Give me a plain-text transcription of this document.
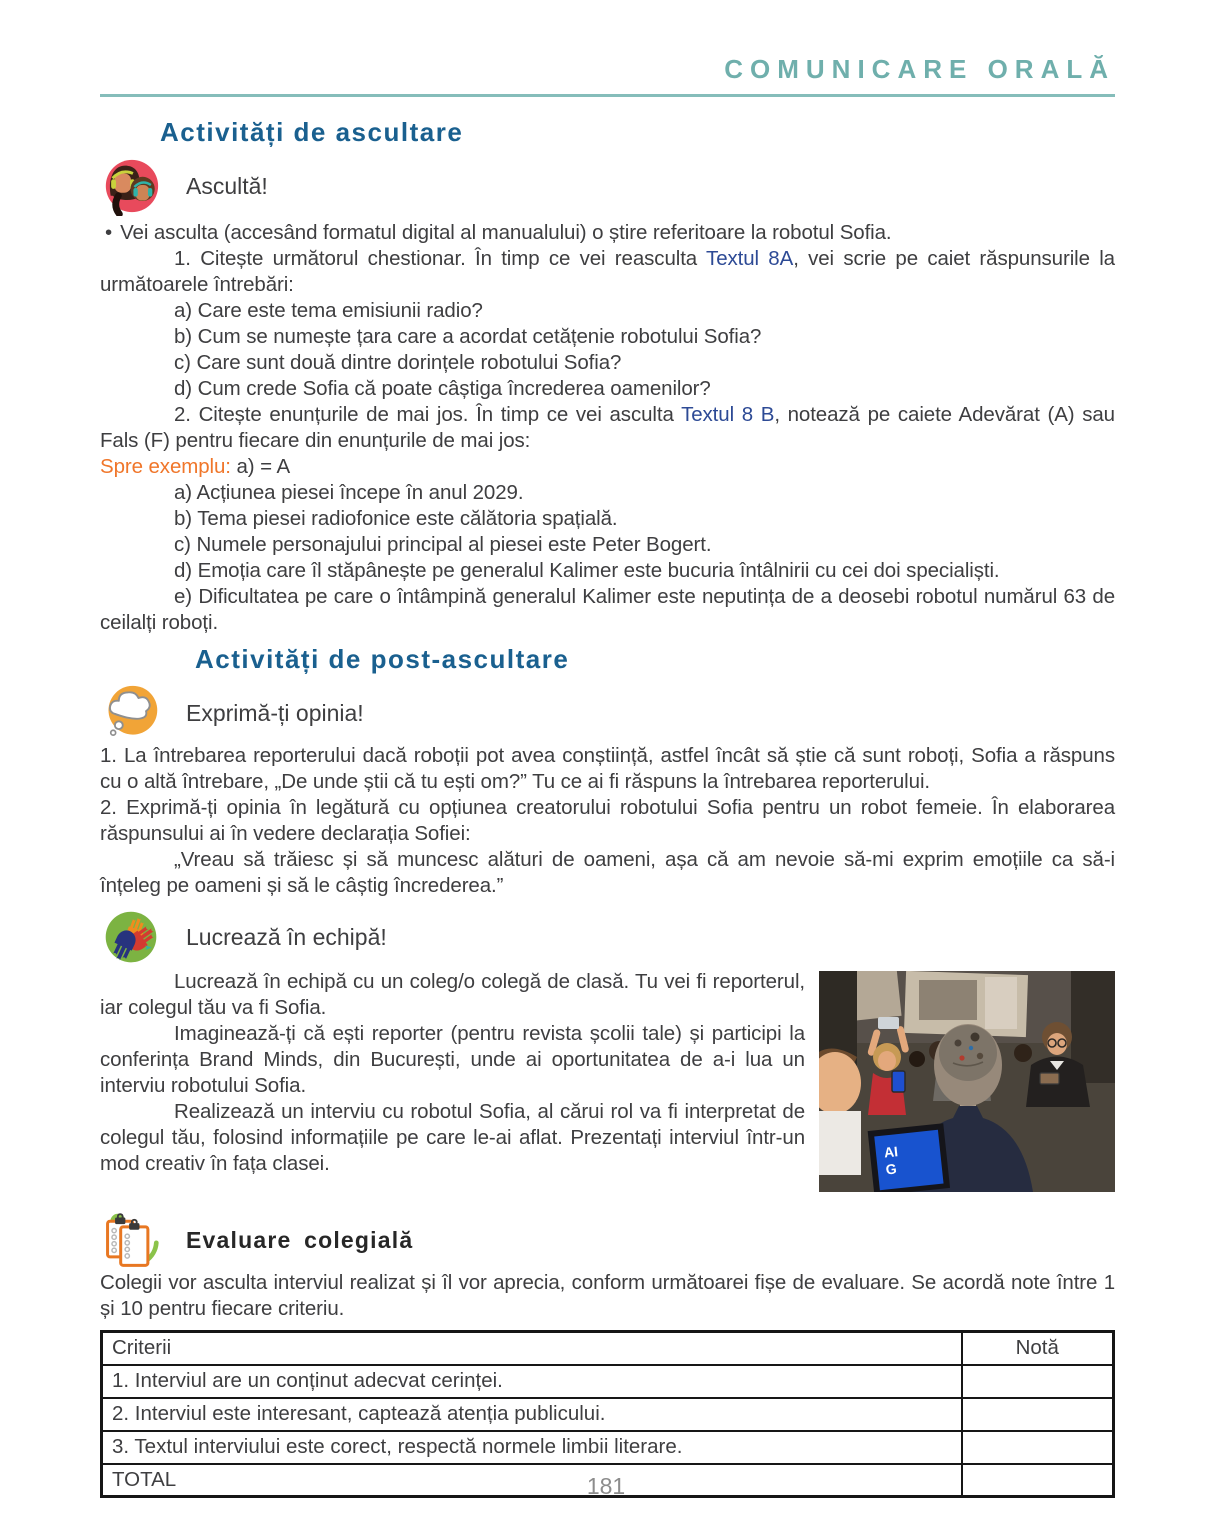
COMUNICARE ORALĂ
Activități de ascultare
Ascultă!

• Vei asculta (accesând formatul digital al manualului) o știre referitoare la robotul Sofia.

1. Citește următorul chestionar. În timp ce vei reasculta Textul 8A, vei scrie pe caiet răspunsurile la următoarele întrebări:

a) Care este tema emisiunii radio?

b) Cum se numește țara care a acordat cetățenie robotului Sofia?

c) Care sunt două dintre dorințele robotului Sofia?

d) Cum crede Sofia că poate câștiga încrederea oamenilor?

2. Citește enunțurile de mai jos. În timp ce vei asculta Textul 8 B, notează pe caiete Adevărat (A) sau Fals (F) pentru fiecare din enunțurile de mai jos:

Spre exemplu: a) = A

a) Acțiunea piesei începe în anul 2029.

b) Tema piesei radiofonice este călătoria spațială.

c) Numele personajului principal al piesei este Peter Bogert.

d) Emoția care îl stăpânește pe generalul Kalimer este bucuria întâlnirii cu cei doi specialiști.

e) Dificultatea pe care o întâmpină generalul Kalimer este neputința de a deosebi robotul numărul 63 de ceilalți roboți.

Activități de post-ascultare
Exprimă-ți opinia!

1. La întrebarea reporterului dacă roboții pot avea conștiință, astfel încât să știe că sunt roboți, Sofia a răspuns cu o altă întrebare, „De unde știi că tu ești om?” Tu ce ai fi răspuns la întrebarea reporterului.

2. Exprimă-ți opinia în legătură cu opțiunea creatorului robotului Sofia pentru un robot femeie. În elaborarea răspunsului ai în vedere declarația Sofiei:

„Vreau să trăiesc și să muncesc alături de oameni, așa că am nevoie să-mi exprim emoțiile ca să-i înțeleg pe oameni și să le câștig încrederea.”

Lucrează în echipă!
AI
G

Lucrează în echipă cu un coleg/o colegă de clasă. Tu vei fi reporterul, iar colegul tău va fi Sofia.

Imaginează-ți că ești reporter (pentru revista școlii tale) și participi la conferința Brand Minds, din București, unde ai oportunitatea de a-i lua un interviu robotului Sofia.

Realizează un interviu cu robotul Sofia, al cărui rol va fi interpretat de colegul tău, folosind informațiile pe care le-ai aflat. Prezentați interviul într-un mod creativ în fața clasei.

Evaluare colegială

Colegii vor asculta interviul realizat și îl vor aprecia, conform următoarei fișe de evaluare. Se acordă note între 1 și 10 pentru fiecare criteriu.

Criterii	Notă
1. Interviul are un conținut adecvat cerinței.	
2. Interviul este interesant, captează atenția publicului.	
3. Textul interviului este corect, respectă normele limbii literare.	
TOTAL		181
